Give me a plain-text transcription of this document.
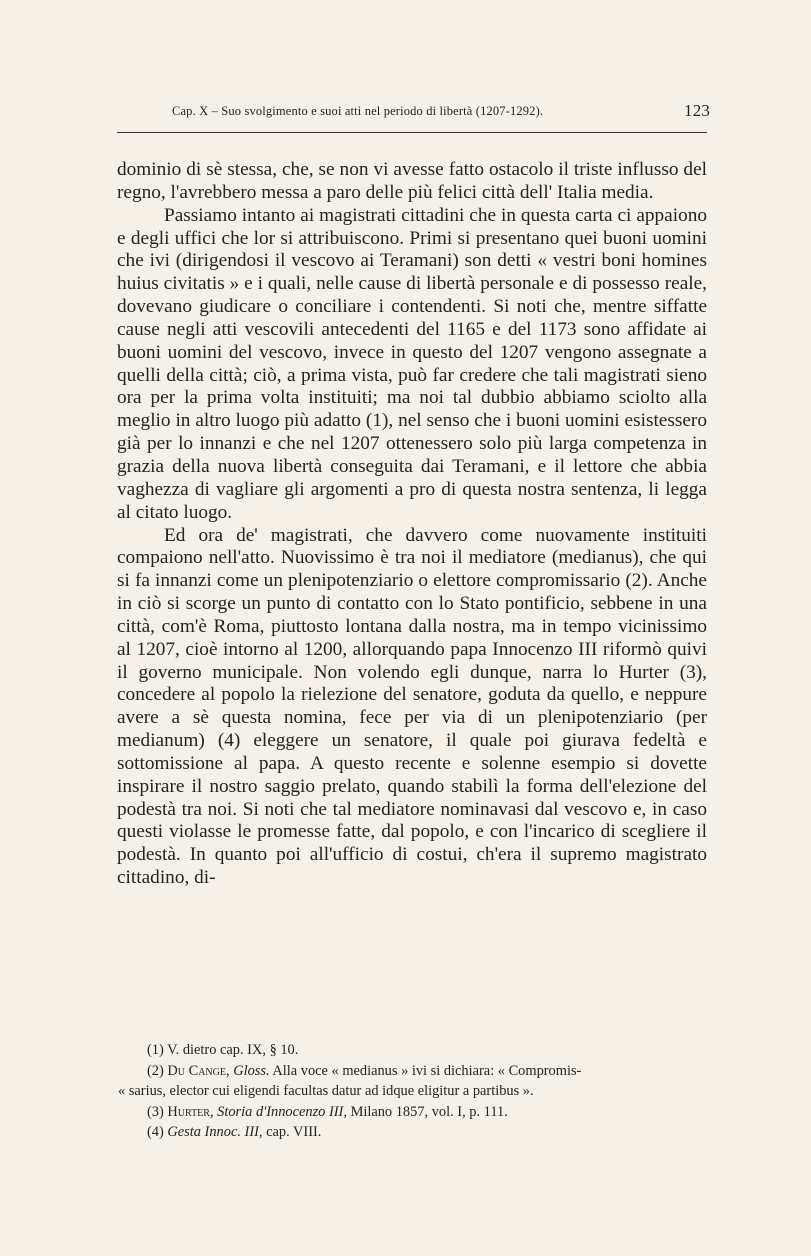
Cap. X – Suo svolgimento e suoi atti nel periodo di libertà (1207-1292).	123

dominio di sè stessa, che, se non vi avesse fatto ostacolo il triste influsso del regno, l'avrebbero messa a paro delle più felici città dell' Italia media.

Passiamo intanto ai magistrati cittadini che in questa carta ci appaiono e degli uffici che lor si attribuiscono. Primi si presentano quei buoni uomini che ivi (dirigendosi il vescovo ai Teramani) son detti « vestri boni homines huius civitatis » e i quali, nelle cause di libertà personale e di possesso reale, dovevano giudicare o conciliare i contendenti. Si noti che, mentre siffatte cause negli atti vescovili antecedenti del 1165 e del 1173 sono affidate ai buoni uomini del vescovo, invece in questo del 1207 vengono assegnate a quelli della città; ciò, a prima vista, può far credere che tali magistrati sieno ora per la prima volta instituiti; ma noi tal dubbio abbiamo sciolto alla meglio in altro luogo più adatto (1), nel senso che i buoni uomini esistessero già per lo innanzi e che nel 1207 ottenessero solo più larga competenza in grazia della nuova libertà conseguita dai Teramani, e il lettore che abbia vaghezza di vagliare gli argomenti a pro di questa nostra sentenza, li legga al citato luogo.

Ed ora de' magistrati, che davvero come nuovamente instituiti compaiono nell'atto. Nuovissimo è tra noi il mediatore (medianus), che qui si fa innanzi come un plenipotenziario o elettore compromissario (2). Anche in ciò si scorge un punto di contatto con lo Stato pontificio, sebbene in una città, com'è Roma, piuttosto lontana dalla nostra, ma in tempo vicinissimo al 1207, cioè intorno al 1200, allorquando papa Innocenzo III riformò quivi il governo municipale. Non volendo egli dunque, narra lo Hurter (3), concedere al popolo la rielezione del senatore, goduta da quello, e neppure avere a sè questa nomina, fece per via di un plenipotenziario (per medianum) (4) eleggere un senatore, il quale poi giurava fedeltà e sottomissione al papa. A questo recente e solenne esempio si dovette inspirare il nostro saggio prelato, quando stabilì la forma dell'elezione del podestà tra noi. Si noti che tal mediatore nominavasi dal vescovo e, in caso questi violasse le promesse fatte, dal popolo, e con l'incarico di scegliere il podestà. In quanto poi all'ufficio di costui, ch'era il supremo magistrato cittadino, di-

(1) V. dietro cap. IX, § 10.

(2) Du Cange, Gloss. Alla voce « medianus » ivi si dichiara: « Compromis-

« sarius, elector cui eligendi facultas datur ad idque eligitur a partibus ».

(3) Hurter, Storia d'Innocenzo III, Milano 1857, vol. I, p. 111.

(4) Gesta Innoc. III, cap. VIII.
